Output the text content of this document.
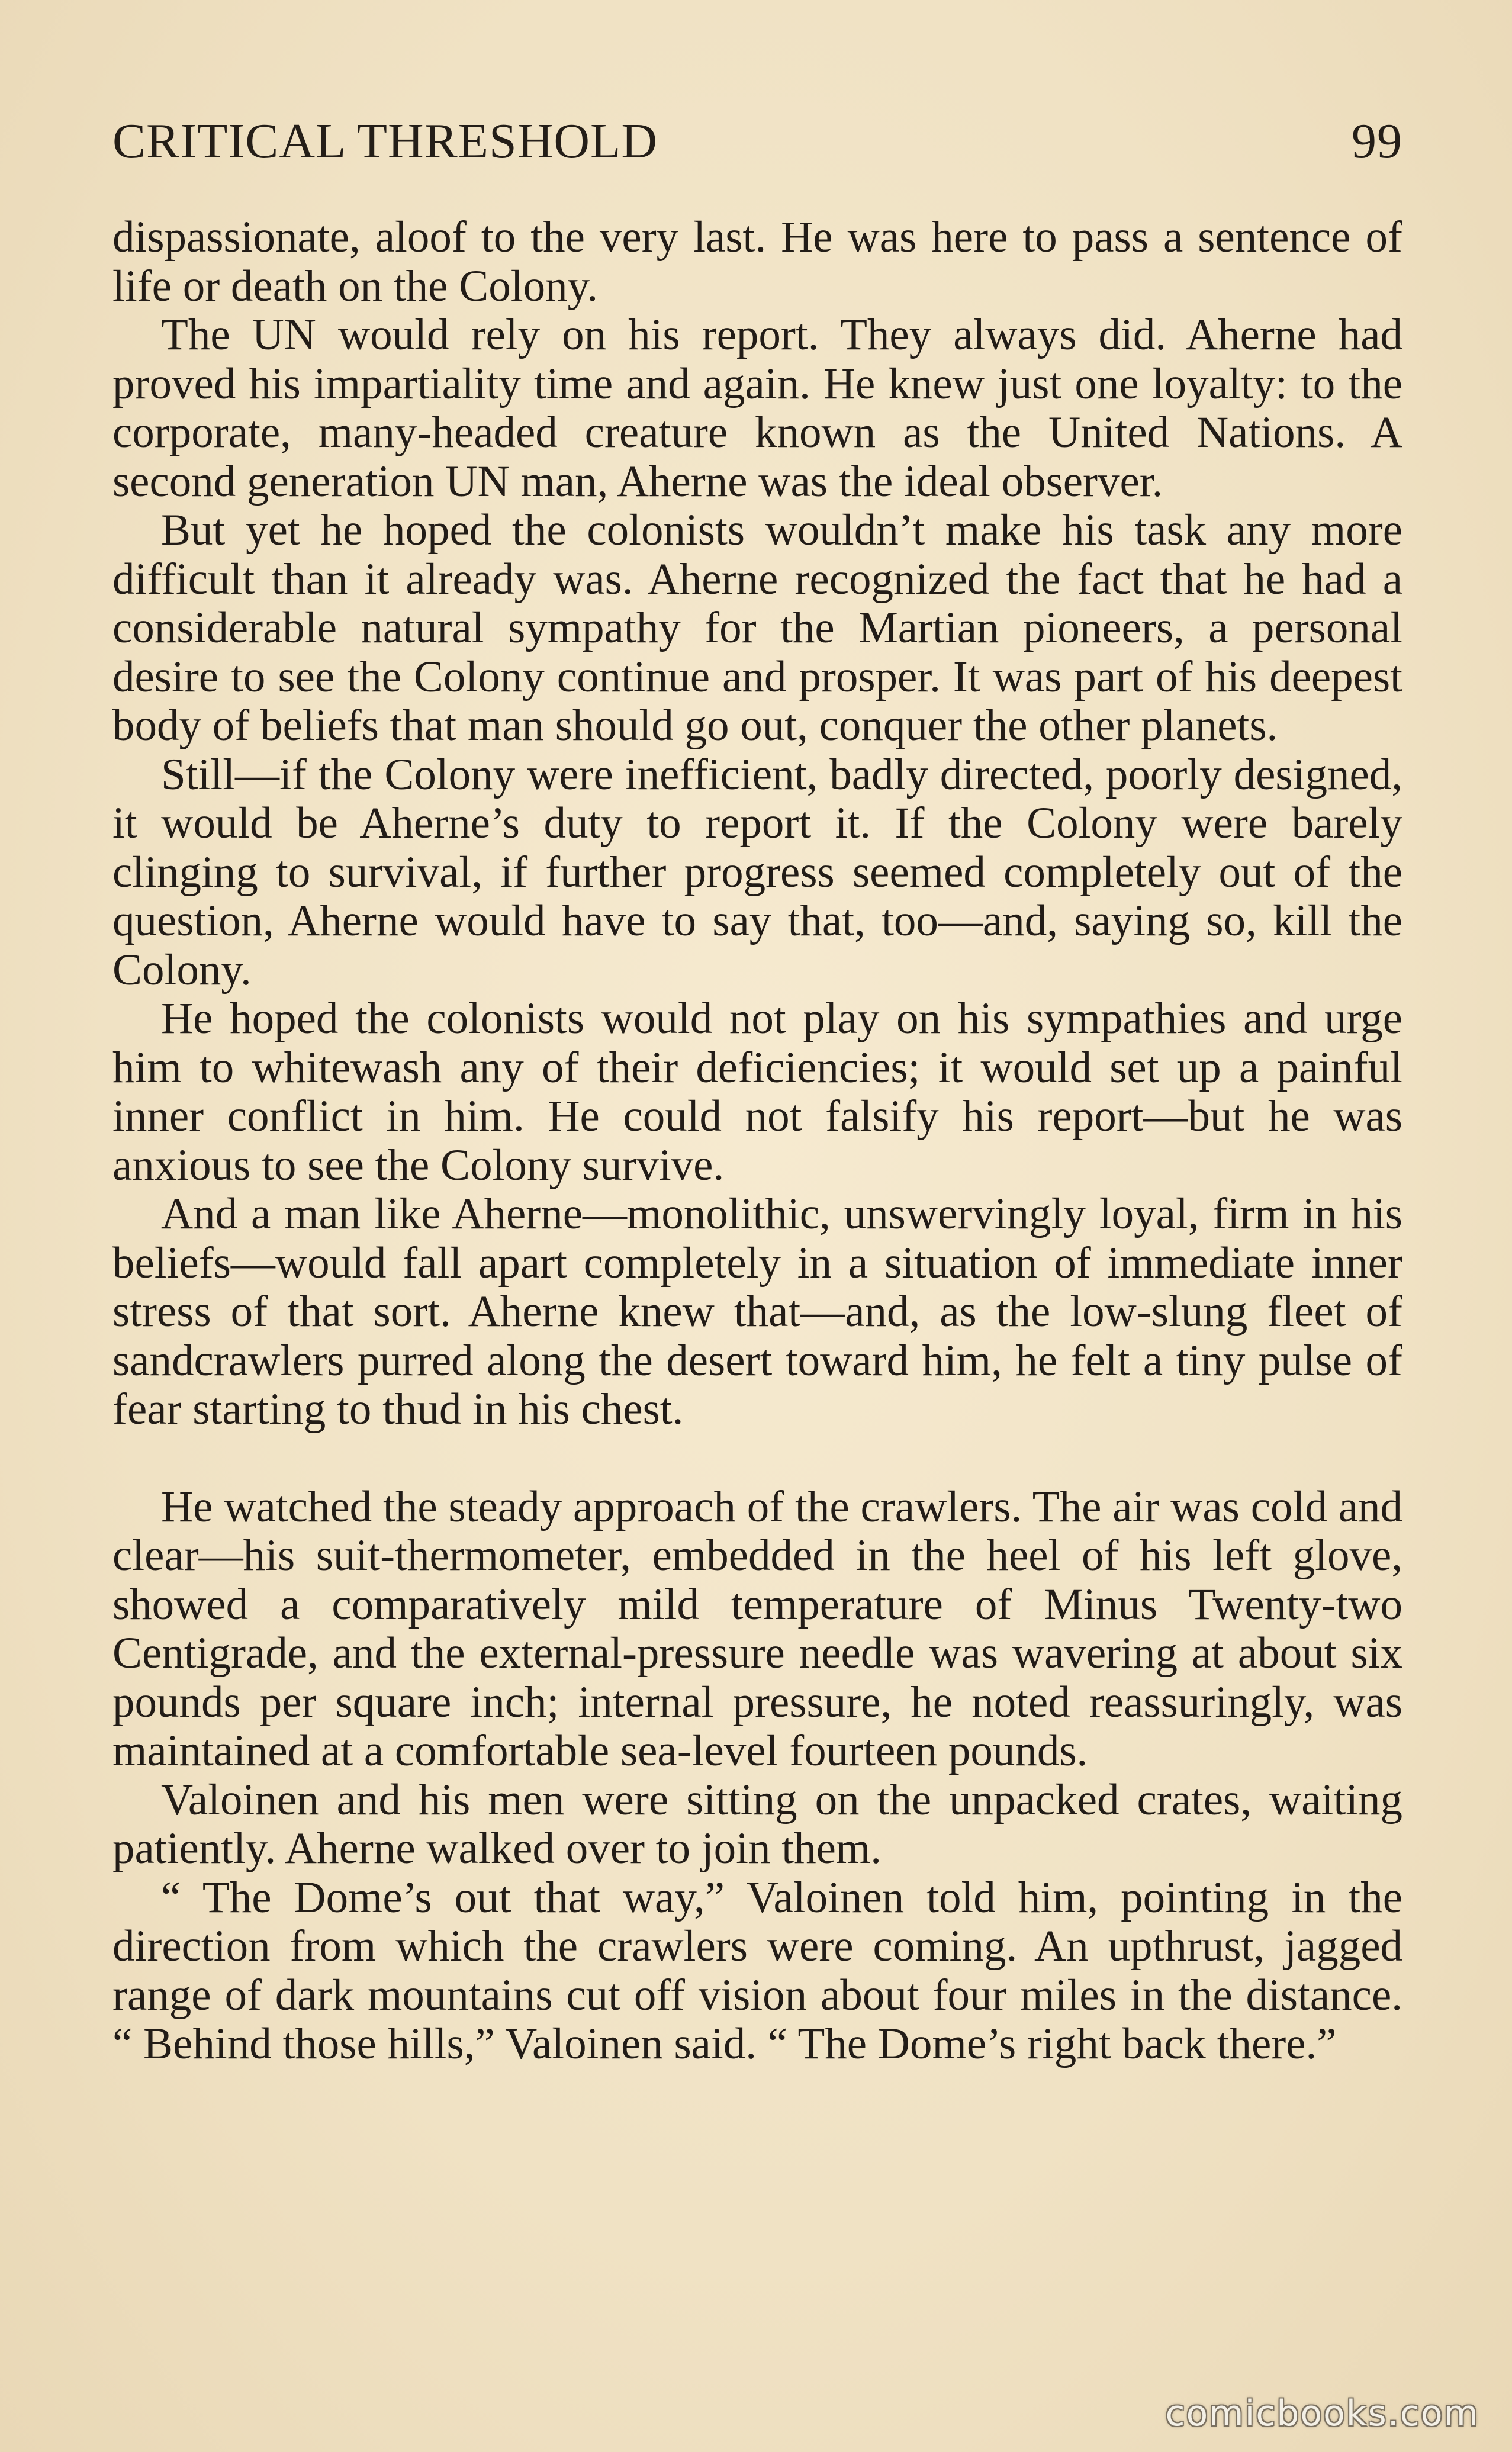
CRITICAL THRESHOLD	99

dispassionate, aloof to the very last. He was here to pass a sentence of life or death on the Colony.

The UN would rely on his report. They always did. Aherne had proved his impartiality time and again. He knew just one loyalty: to the corporate, many-headed creature known as the United Nations. A second generation UN man, Aherne was the ideal observer.

But yet he hoped the colonists wouldn’t make his task any more difficult than it already was. Aherne recognized the fact that he had a considerable natural sympathy for the Martian pioneers, a personal desire to see the Colony continue and prosper. It was part of his deepest body of beliefs that man should go out, conquer the other planets.

Still—if the Colony were inefficient, badly directed, poorly designed, it would be Aherne’s duty to report it. If the Colony were barely clinging to survival, if further progress seemed completely out of the question, Aherne would have to say that, too—and, saying so, kill the Colony.

He hoped the colonists would not play on his sympathies and urge him to whitewash any of their deficiencies; it would set up a painful inner conflict in him. He could not falsify his report—but he was anxious to see the Colony survive.

And a man like Aherne—monolithic, unswervingly loyal, firm in his beliefs—would fall apart completely in a situation of immediate inner stress of that sort. Aherne knew that—and, as the low-slung fleet of sandcrawlers purred along the desert toward him, he felt a tiny pulse of fear starting to thud in his chest.

He watched the steady approach of the crawlers. The air was cold and clear—his suit-thermometer, embedded in the heel of his left glove, showed a comparatively mild temperature of Minus Twenty-two Centigrade, and the external-pressure needle was wavering at about six pounds per square inch; internal pressure, he noted reassuringly, was maintained at a comfortable sea-level fourteen pounds.

Valoinen and his men were sitting on the unpacked crates, waiting patiently. Aherne walked over to join them.

“ The Dome’s out that way,” Valoinen told him, pointing in the direction from which the crawlers were coming. An upthrust, jagged range of dark mountains cut off vision about four miles in the distance. “ Behind those hills,” Valoinen said. “ The Dome’s right back there.”

comicbooks.com
